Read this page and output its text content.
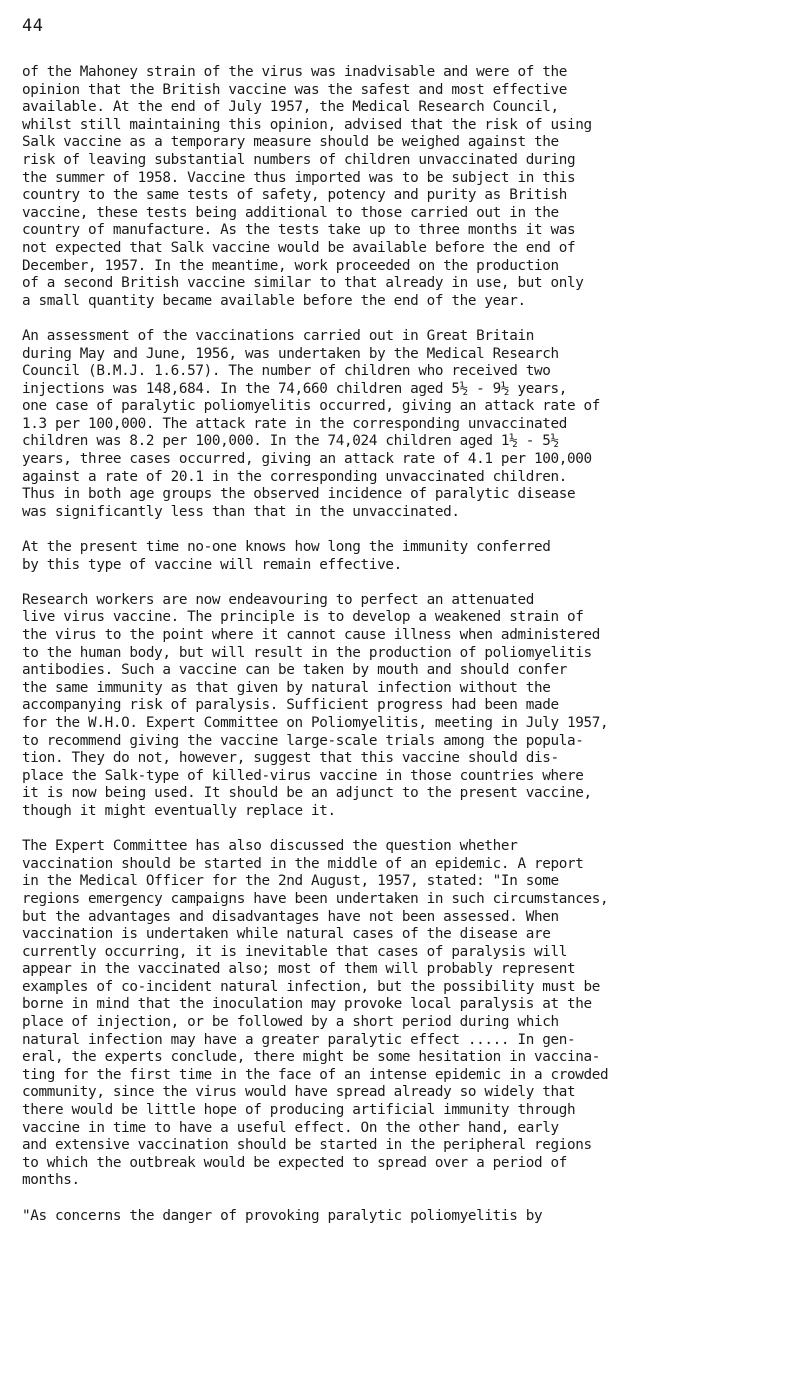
44

of the Mahoney strain of the virus was inadvisable and were of the
opinion that the British vaccine was the safest and most effective
available. At the end of July 1957, the Medical Research Council,
whilst still maintaining this opinion, advised that the risk of using
Salk vaccine as a temporary measure should be weighed against the
risk of leaving substantial numbers of children unvaccinated during
the summer of 1958. Vaccine thus imported was to be subject in this
country to the same tests of safety, potency and purity as British
vaccine, these tests being additional to those carried out in the
country of manufacture. As the tests take up to three months it was
not expected that Salk vaccine would be available before the end of
December, 1957. In the meantime, work proceeded on the production
of a second British vaccine similar to that already in use, but only
a small quantity became available before the end of the year.

An assessment of the vaccinations carried out in Great Britain
during May and June, 1956, was undertaken by the Medical Research
Council (B.M.J. 1.6.57). The number of children who received two
injections was 148,684. In the 74,660 children aged 5½ - 9½ years,
one case of paralytic poliomyelitis occurred, giving an attack rate of
1.3 per 100,000. The attack rate in the corresponding unvaccinated
children was 8.2 per 100,000. In the 74,024 children aged 1½ - 5½
years, three cases occurred, giving an attack rate of 4.1 per 100,000
against a rate of 20.1 in the corresponding unvaccinated children.
Thus in both age groups the observed incidence of paralytic disease
was significantly less than that in the unvaccinated.

At the present time no-one knows how long the immunity conferred
by this type of vaccine will remain effective.

Research workers are now endeavouring to perfect an attenuated
live virus vaccine. The principle is to develop a weakened strain of
the virus to the point where it cannot cause illness when administered
to the human body, but will result in the production of poliomyelitis
antibodies. Such a vaccine can be taken by mouth and should confer
the same immunity as that given by natural infection without the
accompanying risk of paralysis. Sufficient progress had been made
for the W.H.O. Expert Committee on Poliomyelitis, meeting in July 1957,
to recommend giving the vaccine large-scale trials among the popula-
tion. They do not, however, suggest that this vaccine should dis-
place the Salk-type of killed-virus vaccine in those countries where
it is now being used. It should be an adjunct to the present vaccine,
though it might eventually replace it.

The Expert Committee has also discussed the question whether
vaccination should be started in the middle of an epidemic. A report
in the Medical Officer for the 2nd August, 1957, stated: "In some
regions emergency campaigns have been undertaken in such circumstances,
but the advantages and disadvantages have not been assessed. When
vaccination is undertaken while natural cases of the disease are
currently occurring, it is inevitable that cases of paralysis will
appear in the vaccinated also; most of them will probably represent
examples of co-incident natural infection, but the possibility must be
borne in mind that the inoculation may provoke local paralysis at the
place of injection, or be followed by a short period during which
natural infection may have a greater paralytic effect ..... In gen-
eral, the experts conclude, there might be some hesitation in vaccina-
ting for the first time in the face of an intense epidemic in a crowded
community, since the virus would have spread already so widely that
there would be little hope of producing artificial immunity through
vaccine in time to have a useful effect. On the other hand, early
and extensive vaccination should be started in the peripheral regions
to which the outbreak would be expected to spread over a period of
months.

"As concerns the danger of provoking paralytic poliomyelitis by
